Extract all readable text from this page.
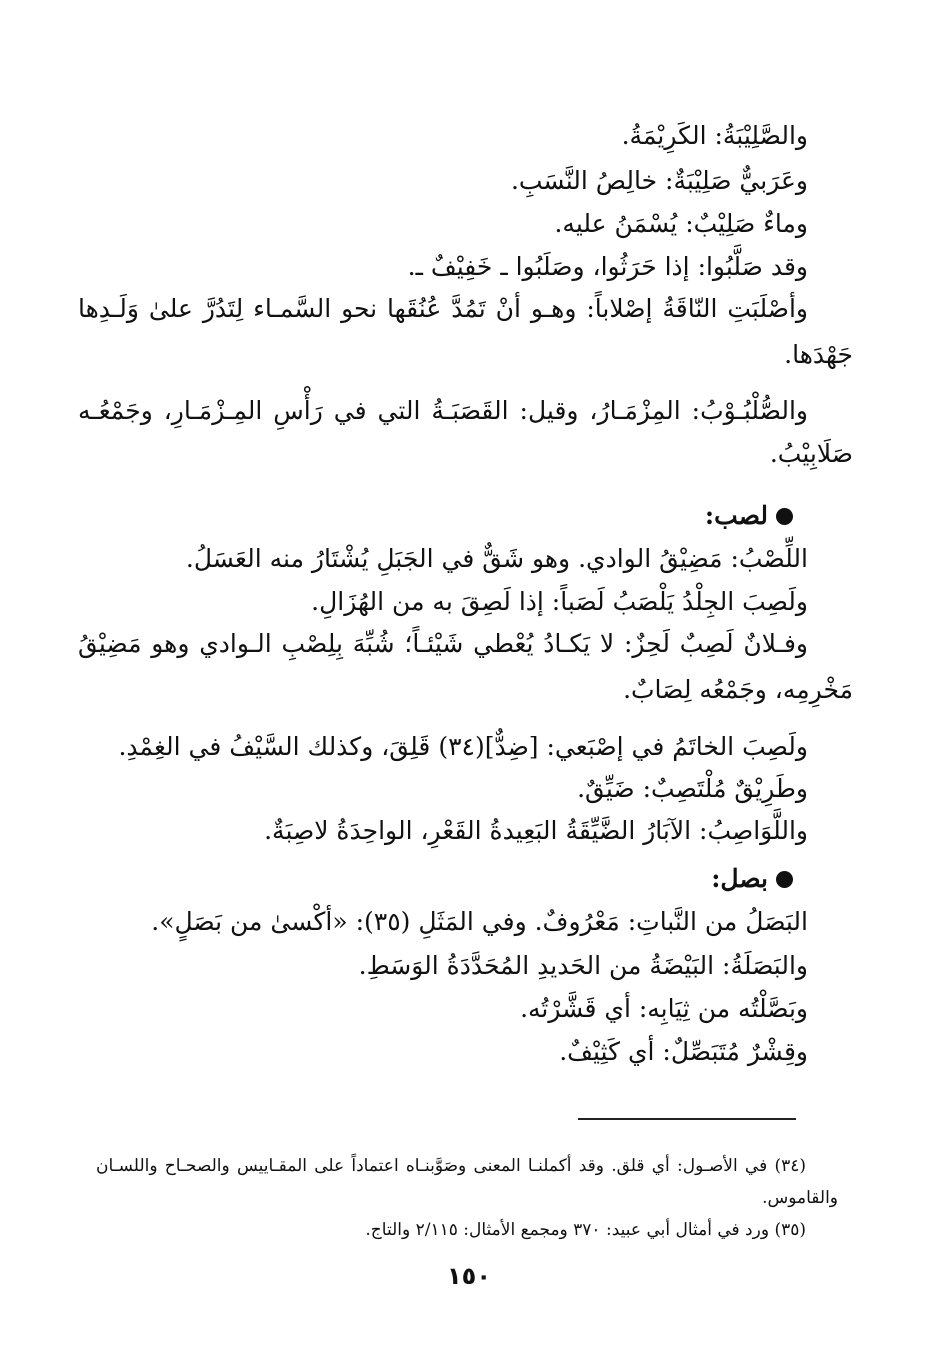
والصَّلِيْبَةُ: الكَرِيْمَةُ.
وعَرَبيٌّ صَلِيْبَةٌ: خالِصُ النَّسَبِ.
وماءٌ صَلِيْبٌ: يُسْمَنُ عليه.
وقد صَلَّبُوا: إذا حَرَثُوا، وصَلَبُوا ـ خَفِيْفٌ ـ.
وأصْلَبَتِ النّاقَةُ إصْلاباً: وهـو أنْ تَمُدَّ عُنُقَها نحو السَّمـاء لِتَدُرَّ علىٰ وَلَـدِها
جَهْدَها.
والصُّلْبُـوْبُ: المِزْمَـارُ، وقيل: القَصَبَـةُ التي في رَأْسِ المِـزْمَـارِ، وجَمْعُـه
صَلَابِيْبُ.
لصب:
اللِّصْبُ: مَضِيْقُ الوادي. وهو شَقٌّ في الجَبَلِ يُشْتَارُ منه العَسَلُ.
ولَصِبَ الجِلْدُ يَلْصَبُ لَصَباً: إذا لَصِقَ به من الهُزَالِ.
وفـلانٌ لَصِبٌ لَحِزٌ: لا يَكـادُ يُعْطي شَيْئـاً؛ شُبِّهَ بِلِصْبِ الـوادي وهو مَضِيْقُ
مَخْرِمِه، وجَمْعُه لِصَابٌ.
ولَصِبَ الخاتَمُ في إصْبَعي: [ضِدٌّ](٣٤) قَلِقَ، وكذلك السَّيْفُ في الغِمْدِ.
وطَرِيْقٌ مُلْتَصِبٌ: ضَيِّقٌ.
واللَّوَاصِبُ: الآبَارُ الضَّيِّقَةُ البَعِيدةُ القَعْرِ، الواحِدَةُ لاصِبَةٌ.
بصل:
البَصَلُ من النَّباتِ: مَعْرُوفٌ. وفي المَثَلِ (٣٥): «أكْسىٰ من بَصَلٍ».
والبَصَلَةُ: البَيْضَةُ من الحَديدِ المُحَدَّدَةُ الوَسَطِ.
وبَصَّلْتُه من ثِيَابِه: أي قَشَّرْتُه.
وقِشْرٌ مُتَبَصِّلٌ: أي كَثِيْفٌ.
(٣٤) في الأصـول: أي قلق. وقد أكملنـا المعنى وصَوَّبنـاه اعتماداً على المقـاييس والصحـاح واللسـان
والقاموس.
(٣٥) ورد في أمثال أبي عبيد: ٣٧٠ ومجمع الأمثال: ٢/١١٥ والتاج.
١٥٠
